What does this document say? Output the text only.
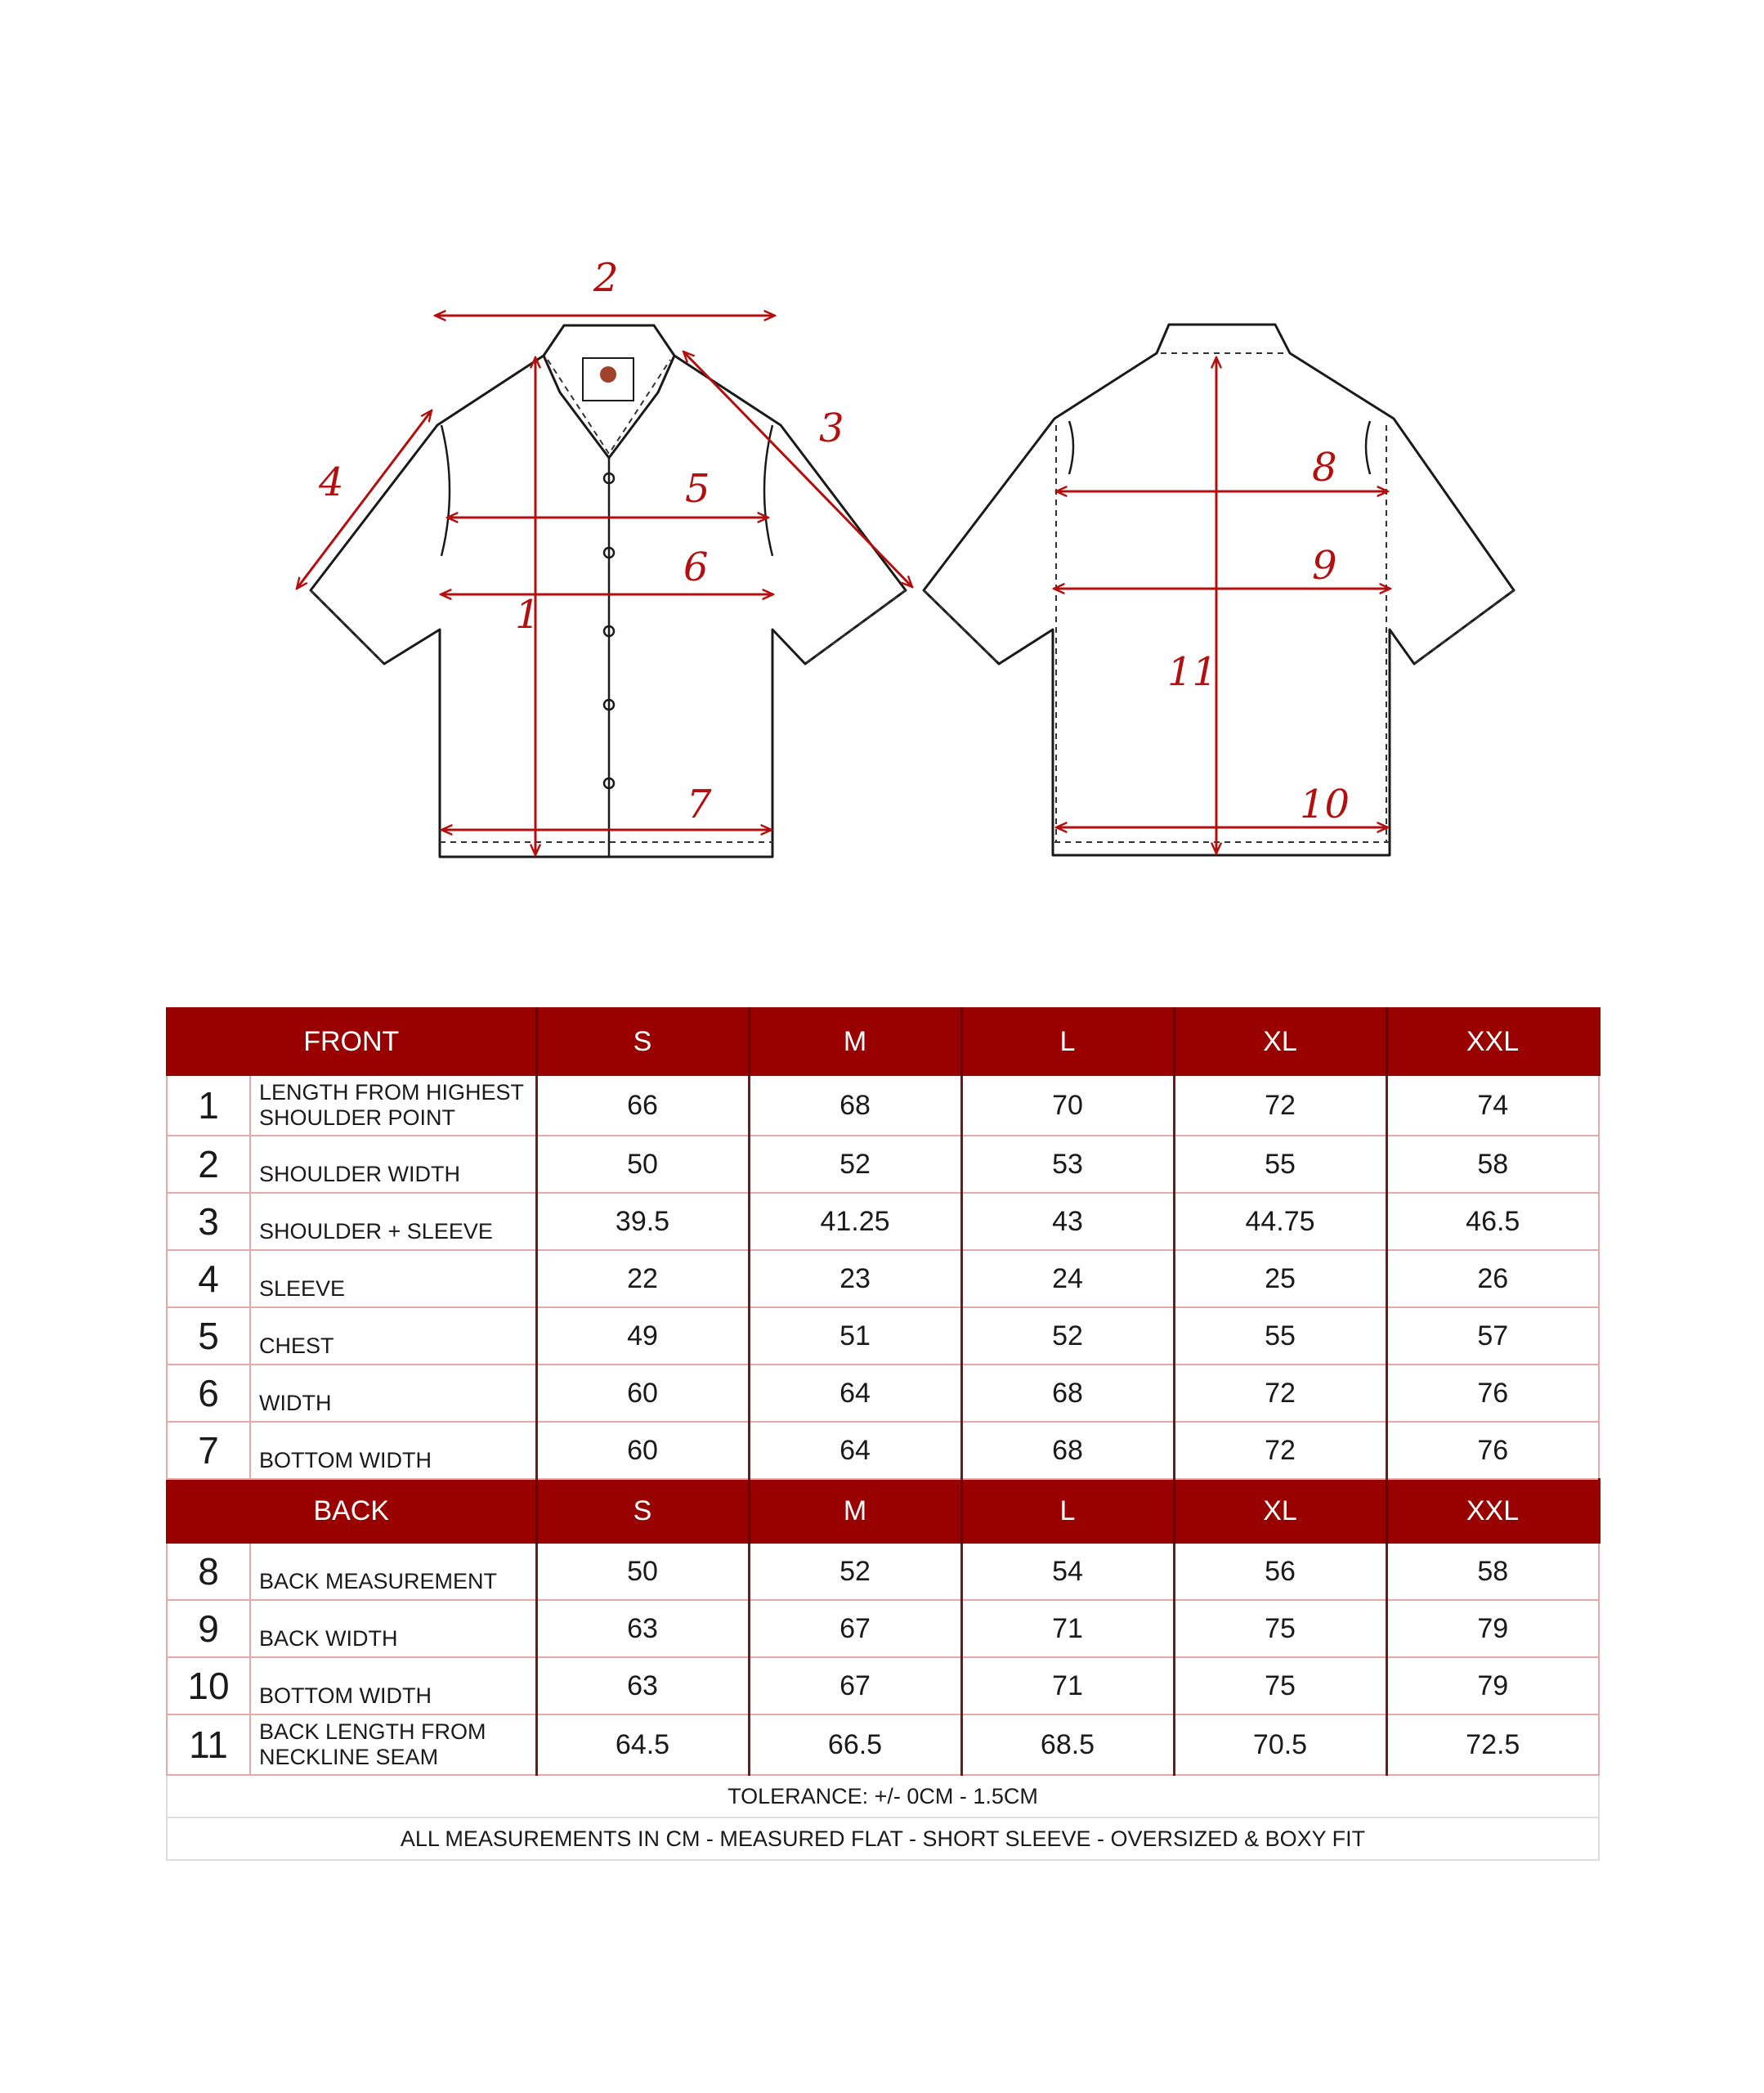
1
2
3
4	5
6
7
8
9
10
11
FRONT		S	M	L	XL	XXL
1	LENGTH FROM HIGHEST SHOULDER POINT	66	68	70	72	74
2	SHOULDER WIDTH	50	52	53	55	58
3	SHOULDER + SLEEVE	39.5	41.25	43	44.75	46.5
4	SLEEVE	22	23	24	25	26
5	CHEST	49	51	52	55	57
6	WIDTH	60	64	68	72	76
7	BOTTOM WIDTH	60	64	68	72	76
BACK		S	M	L	XL	XXL
8	BACK MEASUREMENT	50	52	54	56	58
9	BACK WIDTH	63	67	71	75	79
10	BOTTOM WIDTH	63	67	71	75	79
11	BACK LENGTH FROM NECKLINE SEAM	64.5	66.5	68.5	70.5	72.5
TOLERANCE: +/- 0CM - 1.5CM						
ALL MEASUREMENTS IN CM - MEASURED FLAT - SHORT SLEEVE - OVERSIZED & BOXY FIT						
